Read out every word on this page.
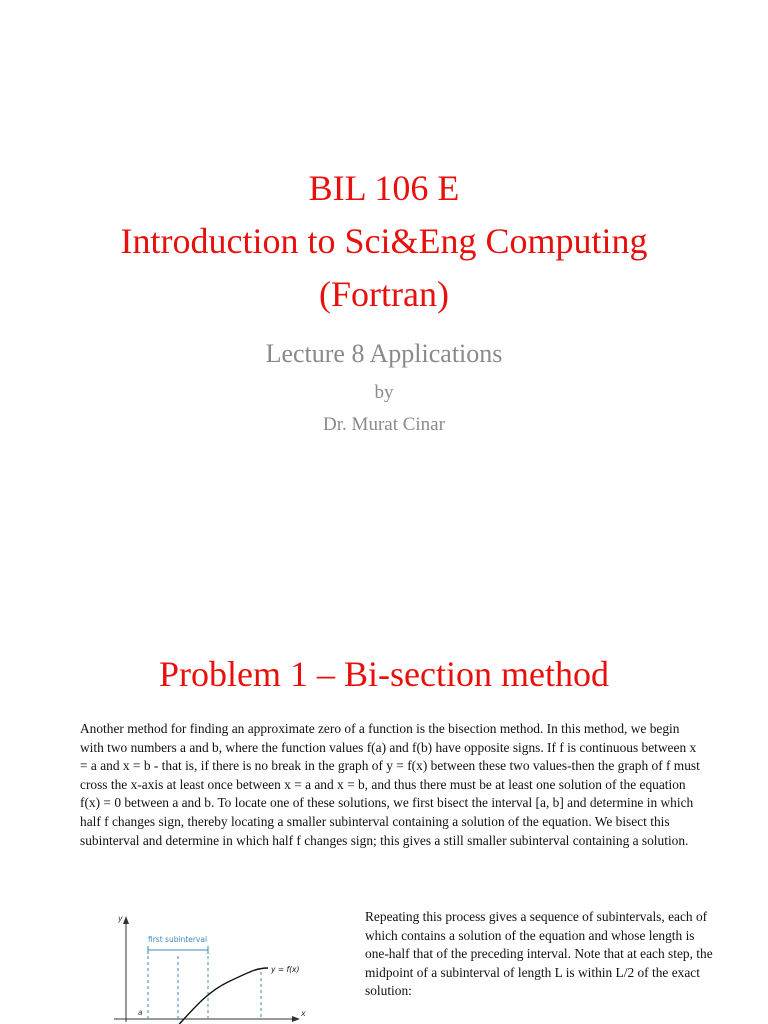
BIL 106 E
Introduction to Sci&Eng Computing
(Fortran)
Lecture 8 Applications
by
Dr. Murat Cinar
Problem 1 – Bi-section method
Another method for finding an approximate zero of a function is the bisection method. In this method, we begin with two numbers a and b, where the function values f(a) and f(b) have opposite signs. If f is continuous between x = a and x = b - that is, if there is no break in the graph of y = f(x) between these two values-then the graph of f must cross the x-axis at least once between x = a and x = b, and thus there must be at least one solution of the equation f(x) = 0 between a and b. To locate one of these solutions, we first bisect the interval [a, b] and determine in which half f changes sign, thereby locating a smaller subinterval containing a solution of the equation. We bisect this subinterval and determine in which half f changes sign; this gives a still smaller subinterval containing a solution.
y
x
first subinterval
y = f(x)
a
Repeating this process gives a sequence of subintervals, each of which contains a solution of the equation and whose length is one-half that of the preceding interval. Note that at each step, the midpoint of a subinterval of length L is within L/2 of the exact solution:
